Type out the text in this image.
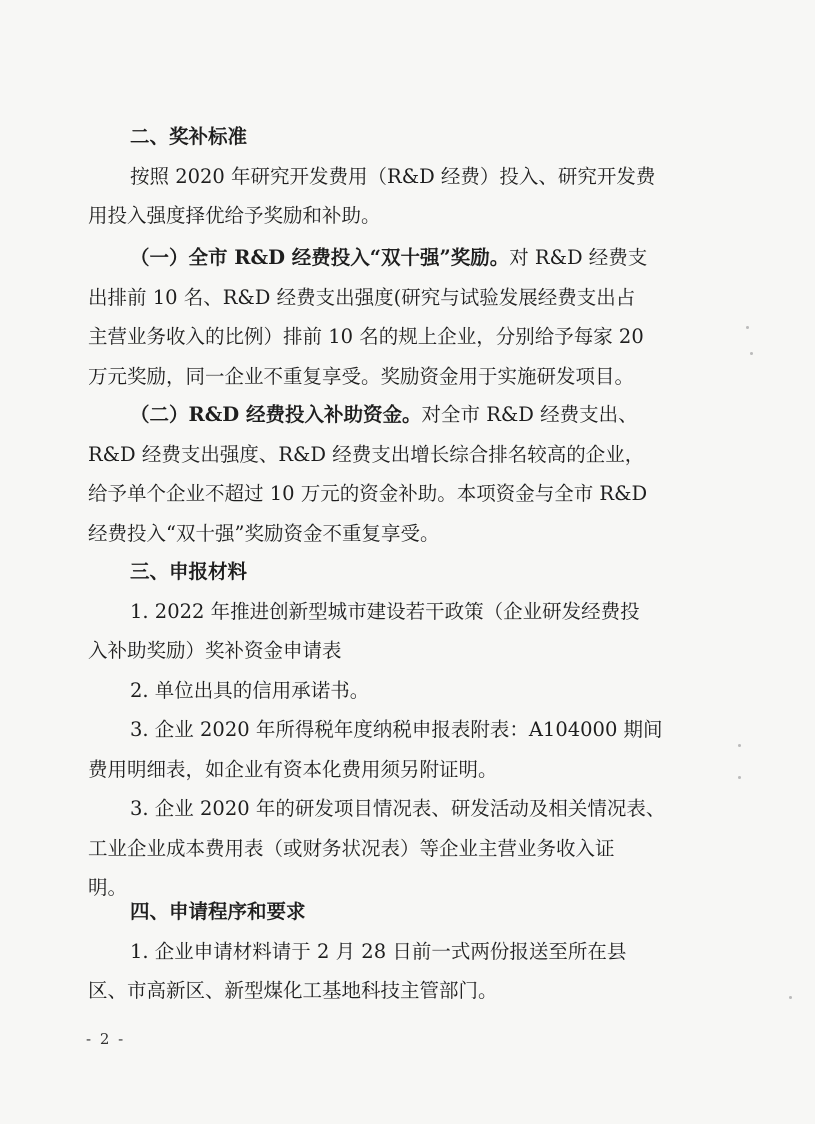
二、奖补标准
按照 2020 年研究开发费用（R&D 经费）投入、研究开发费
用投入强度择优给予奖励和补助。
（一）全市 R&D 经费投入“双十强”奖励。对 R&D 经费支
出排前 10 名、R&D 经费支出强度(研究与试验发展经费支出占
主营业务收入的比例）排前 10 名的规上企业，分别给予每家 20
万元奖励，同一企业不重复享受。奖励资金用于实施研发项目。
（二）R&D 经费投入补助资金。对全市 R&D 经费支出、
R&D 经费支出强度、R&D 经费支出增长综合排名较高的企业，
给予单个企业不超过 10 万元的资金补助。本项资金与全市 R&D
经费投入“双十强”奖励资金不重复享受。
三、申报材料
1. 2022 年推进创新型城市建设若干政策（企业研发经费投
入补助奖励）奖补资金申请表
2. 单位出具的信用承诺书。
3. 企业 2020 年所得税年度纳税申报表附表：A104000 期间
费用明细表，如企业有资本化费用须另附证明。
3. 企业 2020 年的研发项目情况表、研发活动及相关情况表、
工业企业成本费用表（或财务状况表）等企业主营业务收入证
明。
四、申请程序和要求
1. 企业申请材料请于 2 月 28 日前一式两份报送至所在县
区、市高新区、新型煤化工基地科技主管部门。
- 2 -
